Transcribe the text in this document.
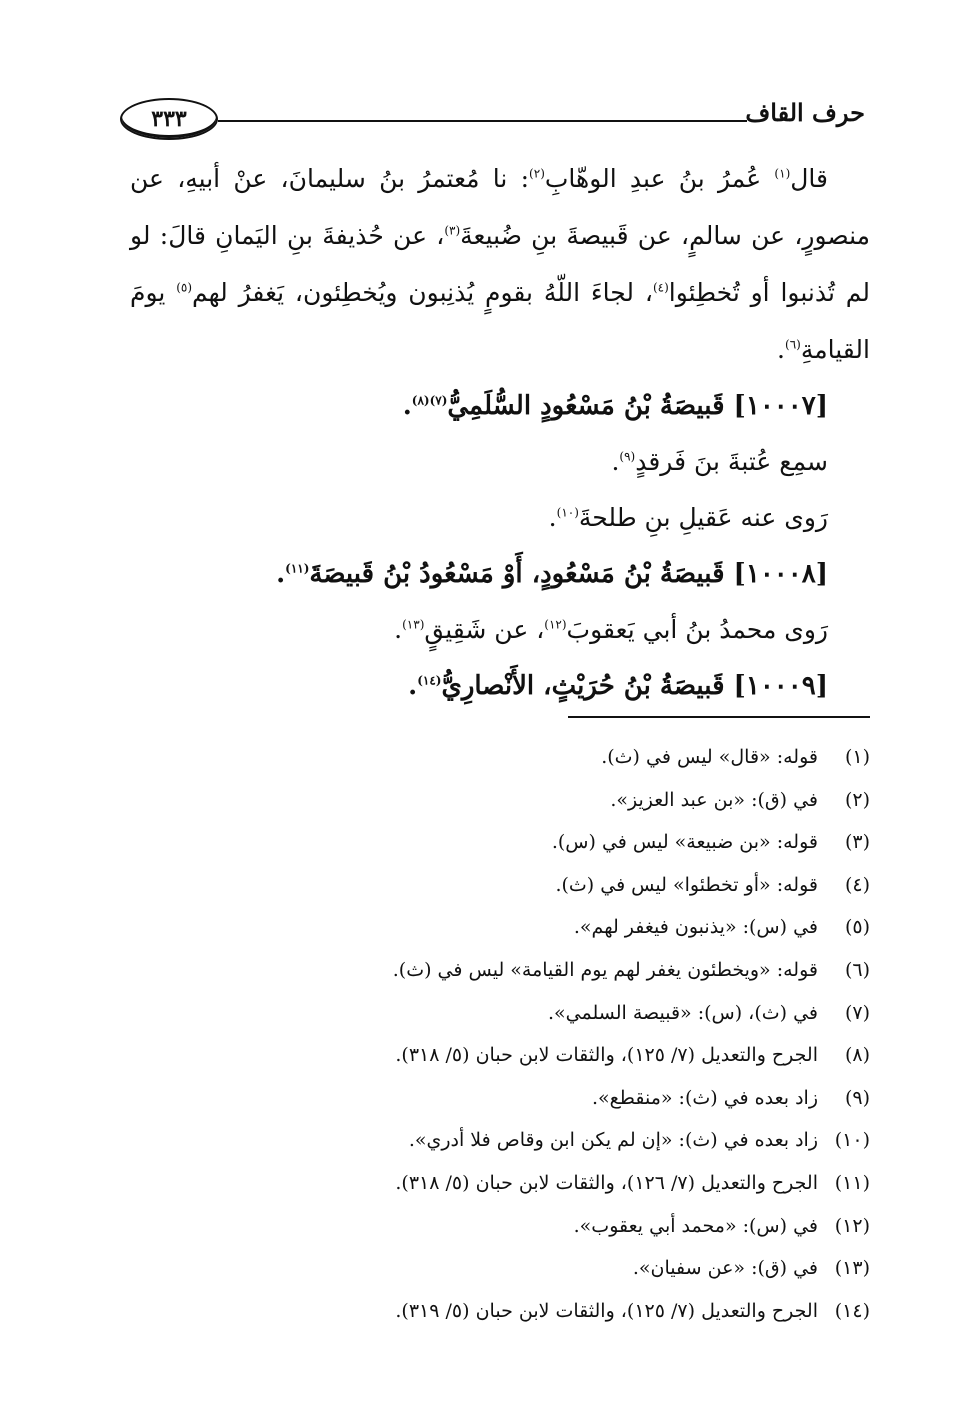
حرف القاف
٣٣٣

قال$^{(١)}$ عُمرُ بنُ عبدِ الوهّابِ$^{(٢)}$: نا مُعتمرُ بنُ سليمانَ، عنْ أبيهِ، عن منصورٍ، عن سالمٍ، عن قَبيصةَ بنِ ضُبيعةَ$^{(٣)}$، عن حُذيفةَ بنِ اليَمانِ قالَ: لو لم تُذنبوا أو تُخطِئوا$^{(٤)}$، لجاءَ اللّهُ بقومٍ يُذنِبون ويُخطِئون، يَغفرُ لهم$^{(٥)}$ يومَ القيامةِ$^{(٦)}$.

[١٠٠٠٧] قَبيصَةُ بْنُ مَسْعُودٍ السُّلَمِيُّ$^{(٧)(٨)}$.
سمِع عُتبةَ بنَ فَرقدٍ$^{(٩)}$.
رَوى عنه عَقيلِ بنِ طلحةَ$^{(١٠)}$.
[١٠٠٠٨] قَبيصَةُ بْنُ مَسْعُودٍ، أَوْ مَسْعُودُ بْنُ قَبيصَةَ$^{(١١)}$.
رَوى محمدُ بنُ أبي يَعقوبَ$^{(١٢)}$، عن شَقِيقٍ$^{(١٣)}$.
[١٠٠٠٩] قَبيصَةُ بْنُ حُرَيْثٍ، الأَنْصارِيُّ$^{(١٤)}$.
(١)قوله: «قال» ليس في (ث).
(٢)في (ق): «بن عبد العزيز».
(٣)قوله: «بن ضبيعة» ليس في (س).
(٤)قوله: «أو تخطئوا» ليس في (ث).
(٥)في (س): «يذنبون فيغفر لهم».
(٦)قوله: «ويخطئون يغفر لهم يوم القيامة» ليس في (ث).
(٧)في (ث)، (س): «قبيصة السلمي».
(٨)الجرح والتعديل (٧/ ١٢٥)، والثقات لابن حبان (٥/ ٣١٨).
(٩)زاد بعده في (ث): «منقطع».
(١٠)زاد بعده في (ث): «إن لم يكن ابن وقاص فلا أدري».
(١١)الجرح والتعديل (٧/ ١٢٦)، والثقات لابن حبان (٥/ ٣١٨).
(١٢)في (س): «محمد أبي يعقوب».
(١٣)في (ق): «عن سفيان».
(١٤)الجرح والتعديل (٧/ ١٢٥)، والثقات لابن حبان (٥/ ٣١٩).
